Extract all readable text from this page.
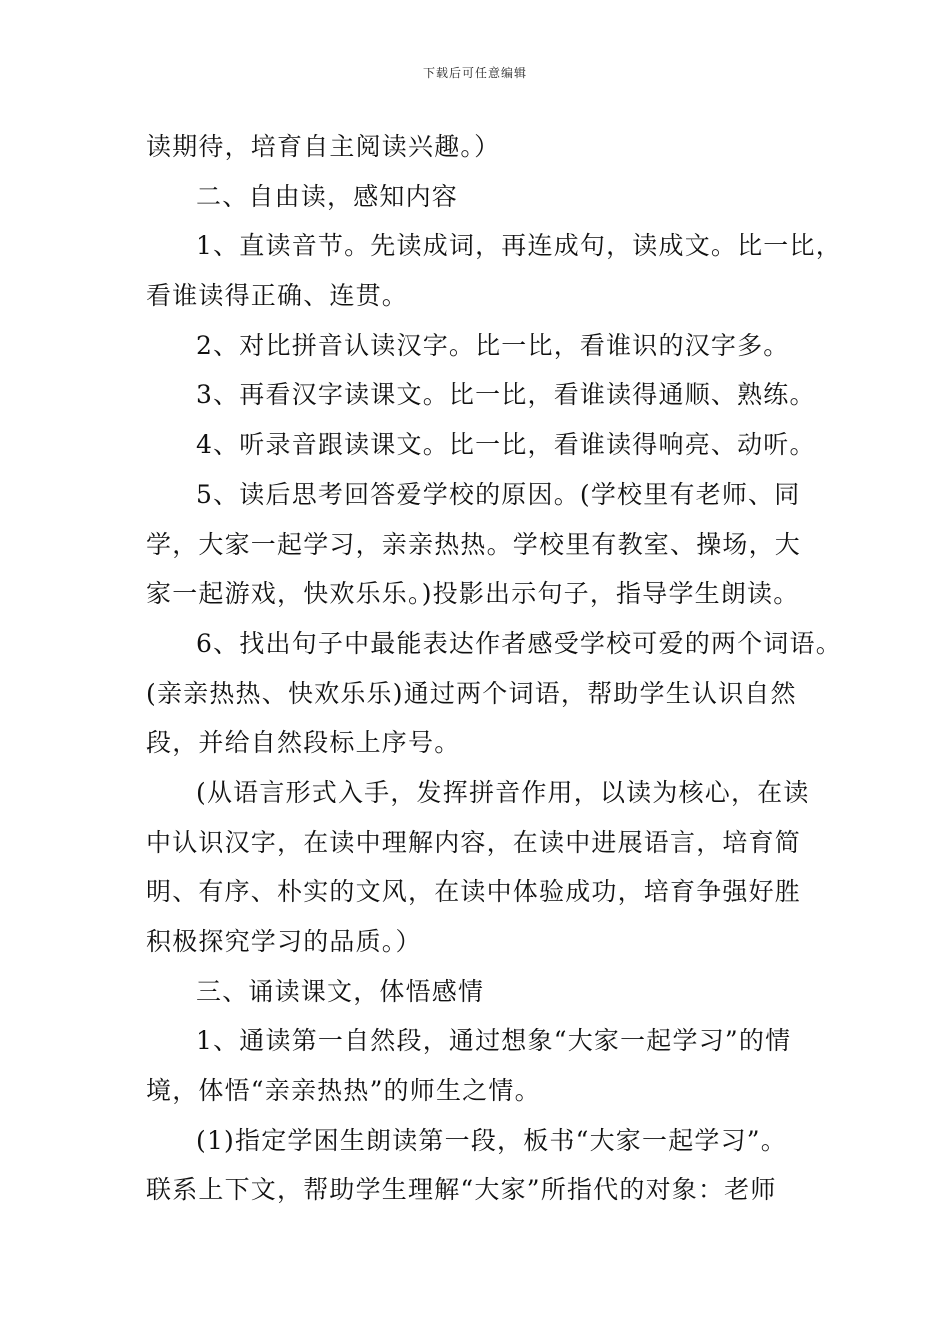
下载后可任意编辑
读期待，培育自主阅读兴趣。）
二、自由读，感知内容
1、直读音节。先读成词，再连成句，读成文。比一比，
看谁读得正确、连贯。
2、对比拼音认读汉字。比一比，看谁识的汉字多。
3、再看汉字读课文。比一比，看谁读得通顺、熟练。
4、听录音跟读课文。比一比，看谁读得响亮、动听。
5、读后思考回答爱学校的原因。(学校里有老师、同
学，大家一起学习，亲亲热热。学校里有教室、操场，大
家一起游戏，快欢乐乐。)投影出示句子，指导学生朗读。
6、找出句子中最能表达作者感受学校可爱的两个词语。
(亲亲热热、快欢乐乐)通过两个词语，帮助学生认识自然
段，并给自然段标上序号。
(从语言形式入手，发挥拼音作用，以读为核心，在读
中认识汉字，在读中理解内容，在读中进展语言，培育简
明、有序、朴实的文风，在读中体验成功，培育争强好胜
积极探究学习的品质。）
三、诵读课文，体悟感情
1、通读第一自然段，通过想象“大家一起学习”的情
境，体悟“亲亲热热”的师生之情。
(1)指定学困生朗读第一段，板书“大家一起学习”。
联系上下文，帮助学生理解“大家”所指代的对象：老师
